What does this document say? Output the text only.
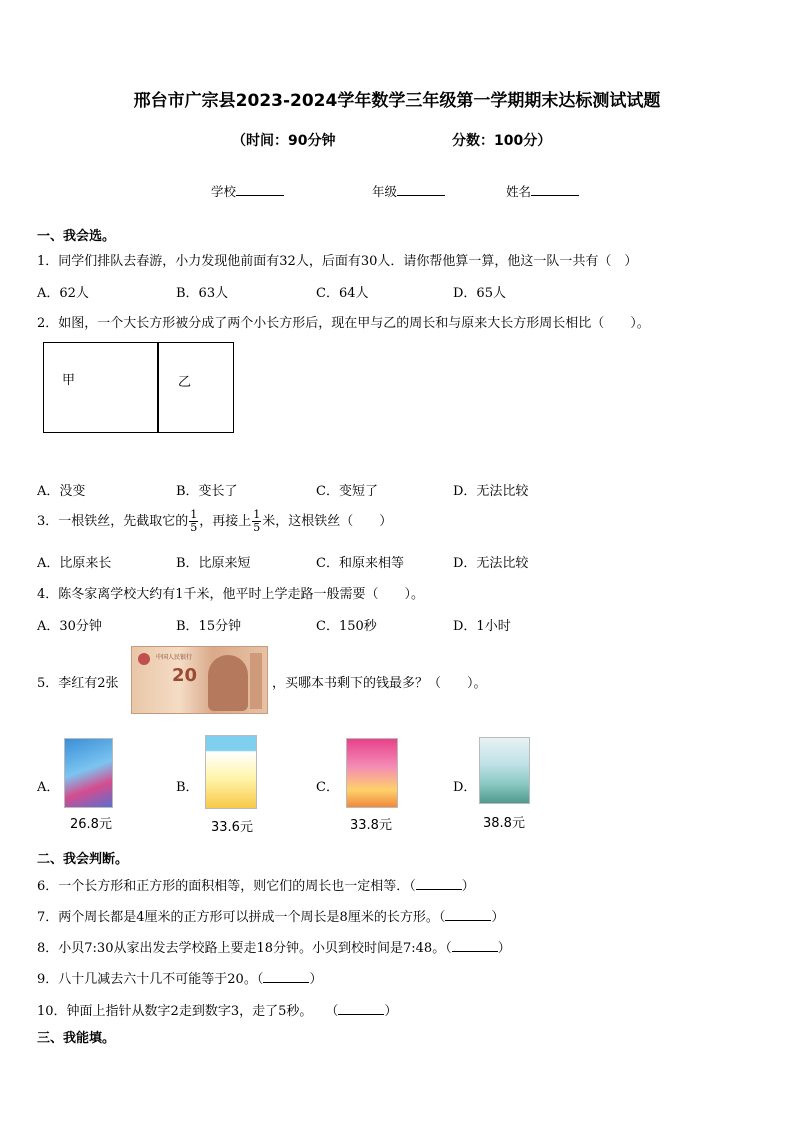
邢台市广宗县2023-2024学年数学三年级第一学期期末达标测试试题
（时间：90分钟	分数：100分）
学校	年级	姓名
一、我会选。
1．同学们排队去春游，小力发现他前面有32人，后面有30人．请你帮他算一算，他这一队一共有（　）
A．62人	B．63人	C．64人	D．65人
2．如图，一个大长方形被分成了两个小长方形后，现在甲与乙的周长和与原来大长方形周长相比（　　）。
甲	乙
A．没变	B．变长了	C．变短了	D．无法比较
3．一根铁丝，先截取它的 $\frac{1}{5}$ ，再接上 $\frac{1}{5}$ 米，这根铁丝（　　）
A．比原来长	B．比原来短	C．和原来相等	D．无法比较
4．陈冬家离学校大约有1千米，他平时上学走路一般需要（　　）。
A．30分钟	B．15分钟	C．150秒	D．1小时
5．李红有2张
中国人民银行
20	，买哪本书剩下的钱最多？（　　）。
A．
26.8元
B．
33.6元
C．
33.8元
D．
38.8元
二、我会判断。
6．一个长方形和正方形的面积相等，则它们的周长也一定相等．（	）
7．两个周长都是4厘米的正方形可以拼成一个周长是8厘米的长方形。（	）
8．小贝7:30从家出发去学校路上要走18分钟。小贝到校时间是7:48。（	）
9．八十几减去六十几不可能等于20。（	）
10．钟面上指针从数字2走到数字3，走了5秒。　　（	）
三、我能填。
